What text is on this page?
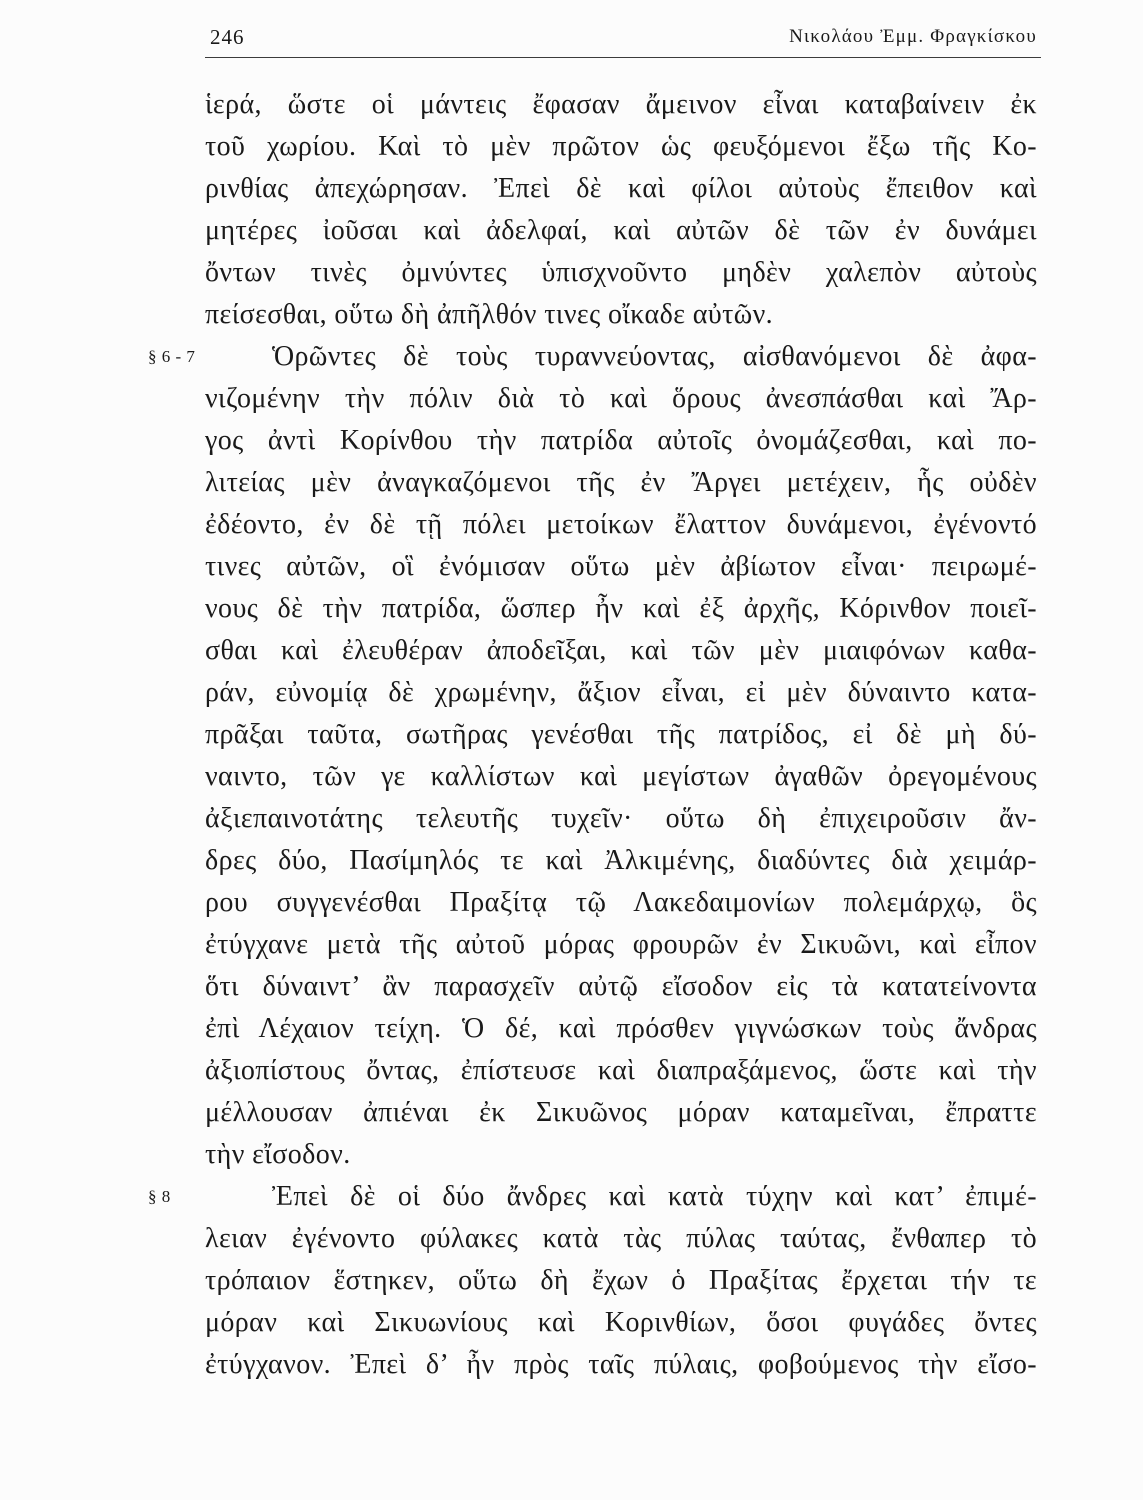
246	Νικολάου Ἐμμ. Φραγκίσκου
ἱερά, ὥστε οἱ μάντεις ἔφασαν ἄμεινον εἶναι καταβαίνειν ἐκ
τοῦ χωρίου. Καὶ τὸ μὲν πρῶτον ὡς φευξόμενοι ἔξω τῆς Κο-
ρινθίας ἀπεχώρησαν. Ἐπεὶ δὲ καὶ φίλοι αὐτοὺς ἔπειθον καὶ
μητέρες ἰοῦσαι καὶ ἀδελφαί, καὶ αὐτῶν δὲ τῶν ἐν δυνάμει
ὄντων τινὲς ὀμνύντες ὑπισχνοῦντο μηδὲν χαλεπὸν αὐτοὺς
πείσεσθαι, οὕτω δὴ ἀπῆλθόν τινες οἴκαδε αὐτῶν.
§ 6 - 7	Ὁρῶντες δὲ τοὺς τυραννεύοντας, αἰσθανόμενοι δὲ ἀφα-
νιζομένην τὴν πόλιν διὰ τὸ καὶ ὅρους ἀνεσπάσθαι καὶ Ἄρ-
γος ἀντὶ Κορίνθου τὴν πατρίδα αὐτοῖς ὀνομάζεσθαι, καὶ πο-
λιτείας μὲν ἀναγκαζόμενοι τῆς ἐν Ἄργει μετέχειν, ἧς οὐδὲν
ἐδέοντο, ἐν δὲ τῇ πόλει μετοίκων ἔλαττον δυνάμενοι, ἐγένοντό
τινες αὐτῶν, οἳ ἐνόμισαν οὕτω μὲν ἀβίωτον εἶναι· πειρωμέ-
νους δὲ τὴν πατρίδα, ὥσπερ ἦν καὶ ἐξ ἀρχῆς, Κόρινθον ποιεῖ-
σθαι καὶ ἐλευθέραν ἀποδεῖξαι, καὶ τῶν μὲν μιαιφόνων καθα-
ράν, εὐνομίᾳ δὲ χρωμένην, ἄξιον εἶναι, εἰ μὲν δύναιντο κατα-
πρᾶξαι ταῦτα, σωτῆρας γενέσθαι τῆς πατρίδος, εἰ δὲ μὴ δύ-
ναιντο, τῶν γε καλλίστων καὶ μεγίστων ἀγαθῶν ὀρεγομένους
ἀξιεπαινοτάτης τελευτῆς τυχεῖν· οὕτω δὴ ἐπιχειροῦσιν ἄν-
δρες δύο, Πασίμηλός τε καὶ Ἀλκιμένης, διαδύντες διὰ χειμάρ-
ρου συγγενέσθαι Πραξίτᾳ τῷ Λακεδαιμονίων πολεμάρχῳ, ὃς
ἐτύγχανε μετὰ τῆς αὐτοῦ μόρας φρουρῶν ἐν Σικυῶνι, καὶ εἶπον
ὅτι δύναιντ’ ἂν παρασχεῖν αὐτῷ εἴσοδον εἰς τὰ κατατείνοντα
ἐπὶ Λέχαιον τείχη. Ὁ δέ, καὶ πρόσθεν γιγνώσκων τοὺς ἄνδρας
ἀξιοπίστους ὄντας, ἐπίστευσε καὶ διαπραξάμενος, ὥστε καὶ τὴν
μέλλουσαν ἀπιέναι ἐκ Σικυῶνος μόραν καταμεῖναι, ἔπραττε
τὴν εἴσοδον.
§ 8	Ἐπεὶ δὲ οἱ δύο ἄνδρες καὶ κατὰ τύχην καὶ κατ’ ἐπιμέ-
λειαν ἐγένοντο φύλακες κατὰ τὰς πύλας ταύτας, ἔνθαπερ τὸ
τρόπαιον ἕστηκεν, οὕτω δὴ ἔχων ὁ Πραξίτας ἔρχεται τήν τε
μόραν καὶ Σικυωνίους καὶ Κορινθίων, ὅσοι φυγάδες ὄντες
ἐτύγχανον. Ἐπεὶ δ’ ἦν πρὸς ταῖς πύλαις, φοβούμενος τὴν εἴσο-
